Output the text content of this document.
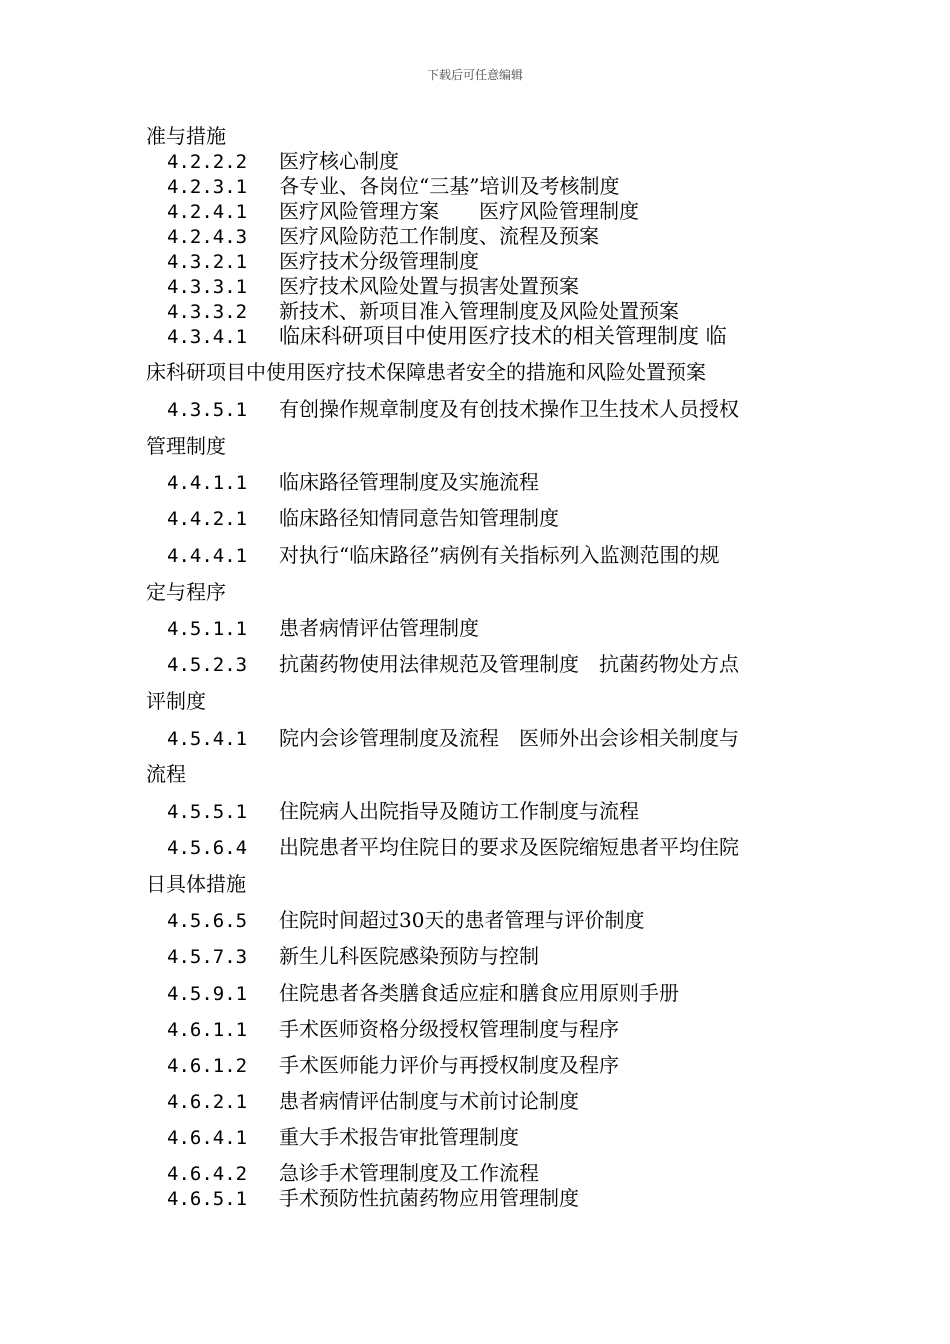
下载后可任意编辑
准与措施
4.2.2.2 医疗核心制度
4.2.3.1 各专业、各岗位“三基”培训及考核制度
4.2.4.1 医疗风险管理方案　　医疗风险管理制度
4.2.4.3 医疗风险防范工作制度、流程及预案
4.3.2.1 医疗技术分级管理制度
4.3.3.1 医疗技术风险处置与损害处置预案
4.3.3.2 新技术、新项目准入管理制度及风险处置预案
4.3.4.1 临床科研项目中使用医疗技术的相关管理制度 临
床科研项目中使用医疗技术保障患者安全的措施和风险处置预案
4.3.5.1 有创操作规章制度及有创技术操作卫生技术人员授权
管理制度
4.4.1.1 临床路径管理制度及实施流程
4.4.2.1 临床路径知情同意告知管理制度
4.4.4.1 对执行“临床路径”病例有关指标列入监测范围的规
定与程序
4.5.1.1 患者病情评估管理制度
4.5.2.3 抗菌药物使用法律规范及管理制度　抗菌药物处方点
评制度
4.5.4.1 院内会诊管理制度及流程　医师外出会诊相关制度与
流程
4.5.5.1 住院病人出院指导及随访工作制度与流程
4.5.6.4 出院患者平均住院日的要求及医院缩短患者平均住院
日具体措施
4.5.6.5 住院时间超过30天的患者管理与评价制度
4.5.7.3 新生儿科医院感染预防与控制
4.5.9.1 住院患者各类膳食适应症和膳食应用原则手册
4.6.1.1 手术医师资格分级授权管理制度与程序
4.6.1.2 手术医师能力评价与再授权制度及程序
4.6.2.1 患者病情评估制度与术前讨论制度
4.6.4.1 重大手术报告审批管理制度
4.6.4.2 急诊手术管理制度及工作流程
4.6.5.1 手术预防性抗菌药物应用管理制度
